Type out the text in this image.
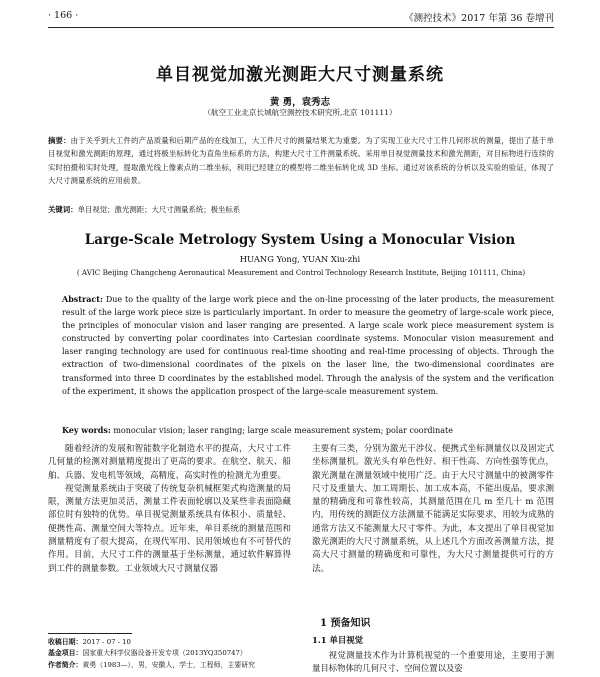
· 166 ·	《测控技术》2017 年第 36 卷增刊
单目视觉加激光测距大尺寸测量系统
黄 勇，袁秀志
（航空工业北京长城航空测控技术研究所,北京 101111）
摘要：由于关乎到大工件的产品质量和后期产品的在线加工，大工件尺寸的测量结果尤为重要。为了实现工业大尺寸工件几何形状的测量，提出了基于单目视觉和激光测距的原理，通过将极坐标转化为直角坐标系的方法，构建大尺寸工件测量系统。采用单目视觉测量技术和激光测距，对目标物进行连续的实时拍摄和实时处理，提取激光线上像素点的二维坐标，利用已经建立的模型将二维坐标转化成 3D 坐标。通过对该系统的分析以及实验的验证，体现了大尺寸测量系统的应用前景。
关键词：单目视觉；激光测距；大尺寸测量系统；极坐标系
Large-Scale Metrology System Using a Monocular Vision
HUANG Yong, YUAN Xiu-zhi
( AVIC Beijing Changcheng Aeronautical Measurement and Control Technology Research Institute, Beijing 101111, China)
Abstract: Due to the quality of the large work piece and the on-line processing of the later products, the measurement result of the large work piece size is particularly important. In order to measure the geometry of large-scale work piece, the principles of monocular vision and laser ranging are presented. A large scale work piece measurement system is constructed by converting polar coordinates into Cartesian coordinate systems. Monocular vision measurement and laser ranging technology are used for continuous real-time shooting and real-time processing of objects. Through the extraction of two-dimensional coordinates of the pixels on the laser line, the two-dimensional coordinates are transformed into three D coordinates by the established model. Through the analysis of the system and the verification of the experiment, it shows the application prospect of the large-scale measurement system.
Key words: monocular vision; laser ranging; large scale measurement system; polar coordinate

随着经济的发展和智能数字化制造水平的提高，大尺寸工件几何量的检测对测量精度提出了更高的要求。在航空、航天、船舶、兵器、发电机等领域，高精度、高实时性的检测尤为重要。

视觉测量系统由于突破了传统复杂机械框架式构造测量的局限，测量方法更加灵活，测量工件表面轮廓以及某些非表面隐藏部位时有独特的优势。单目视觉测量系统具有体积小、质量轻、便携性高、测量空间大等特点。近年来，单目系统的测量范围和测量精度有了很大提高，在现代军用、民用领域也有不可替代的作用。目前，大尺寸工件的测量基于坐标测量，通过软件解算得到工件的测量参数。工业领域大尺寸测量仪器

主要有三类，分别为激光干涉仪、便携式坐标测量仪以及固定式坐标测量机。激光头有单色性好、相干性高、方向性强等优点，激光测量在测量领域中使用广泛。由于大尺寸测量中的被测零件尺寸及重量大、加工周期长、加工成本高，不能出废品，要求测量的精确度和可靠性较高，其测量范围在几 m 至几十 m 范围内，用传统的测距仪方法测量不能满足实际要求，用较为成熟的通常方法又不能测量大尺寸零件。为此，本文提出了单目视觉加激光测距的大尺寸测量系统，从上述几个方面改善测量方法，提高大尺寸测量的精确度和可靠性，为大尺寸测量提供可行的方法。

1 预备知识
1.1 单目视觉
视觉测量技术作为计算机视觉的一个重要用途，主要用于测量目标物体的几何尺寸、空间位置以及姿
收稿日期：2017 - 07 - 10
基金项目：国家重大科学仪器设备开发专项（2013YQ350747）
作者简介：黄勇（1983—），男，安徽人，学士，工程师，主要研究
